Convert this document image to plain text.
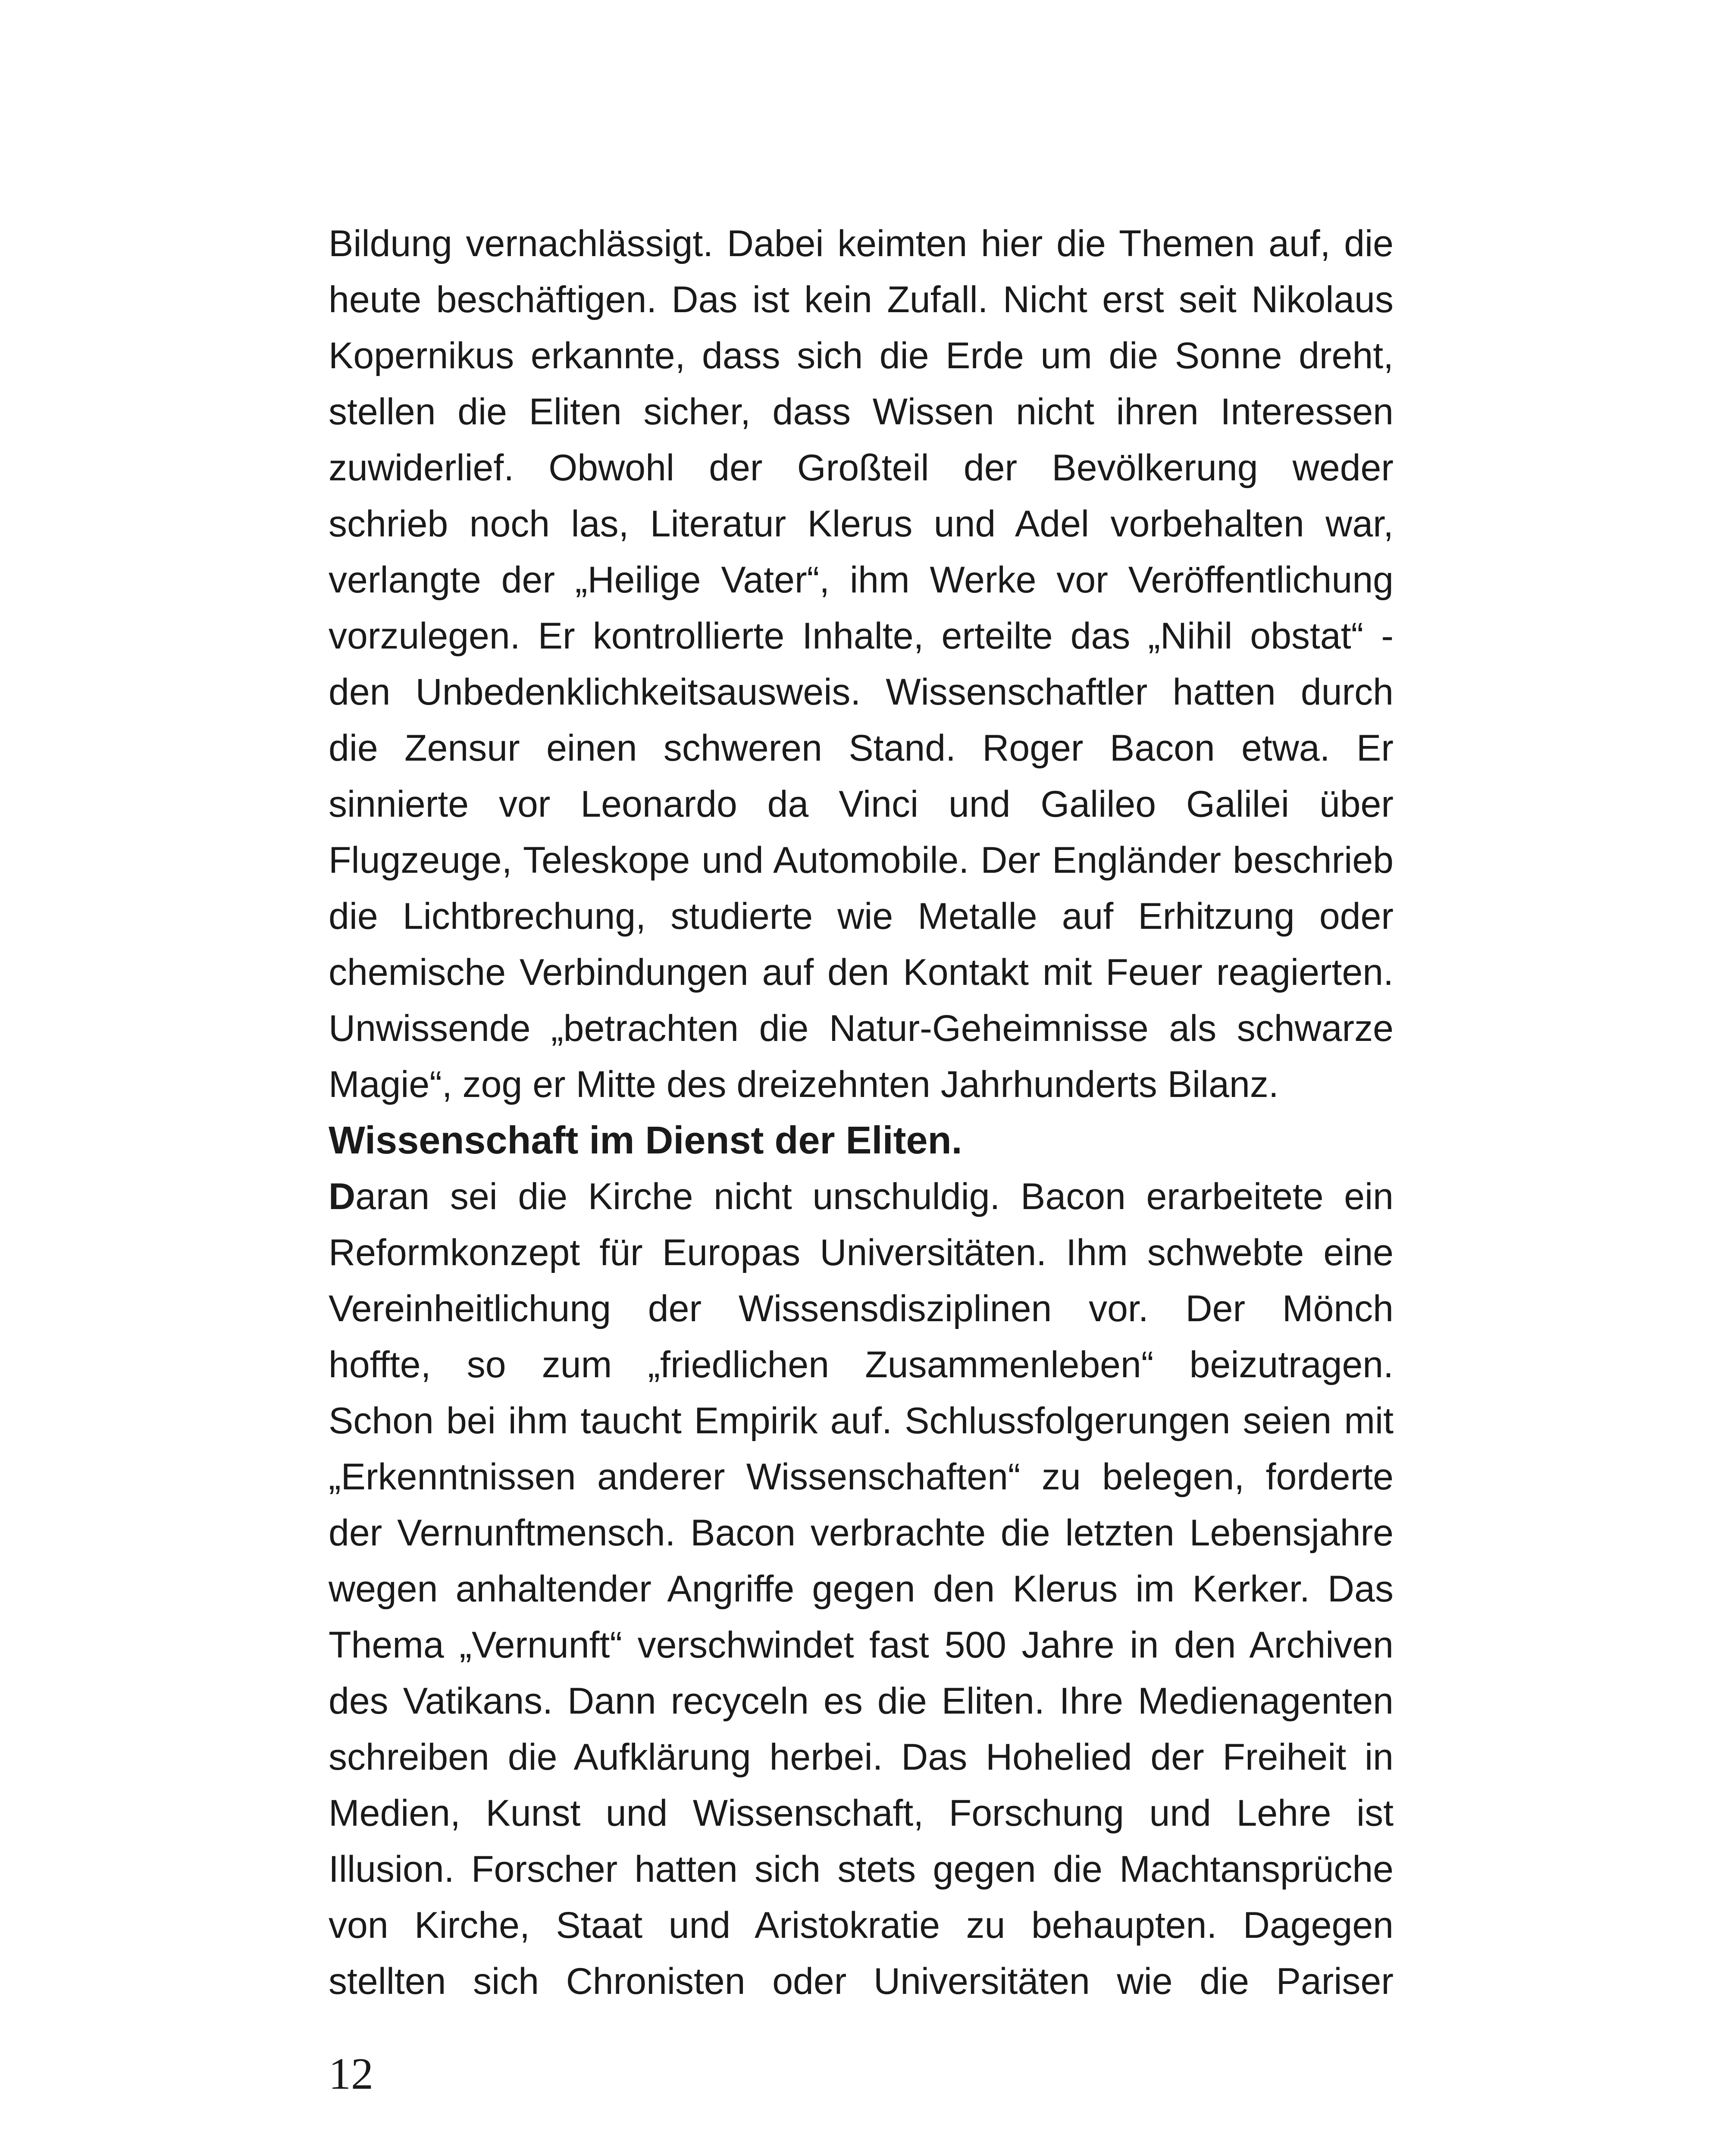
Bildung vernachlässigt. Dabei keimten hier die Themen auf, die
heute beschäftigen. Das ist kein Zufall. Nicht erst seit Nikolaus
Kopernikus erkannte, dass sich die Erde um die Sonne dreht,
stellen die Eliten sicher, dass Wissen nicht ihren Interessen
zuwiderlief. Obwohl der Großteil der Bevölkerung weder
schrieb noch las, Literatur Klerus und Adel vorbehalten war,
verlangte der „Heilige Vater“, ihm Werke vor Veröffentlichung
vorzulegen. Er kontrollierte Inhalte, erteilte das „Nihil obstat“ -
den Unbedenklichkeitsausweis. Wissenschaftler hatten durch
die Zensur einen schweren Stand. Roger Bacon etwa. Er
sinnierte vor Leonardo da Vinci und Galileo Galilei über
Flugzeuge, Teleskope und Automobile. Der Engländer beschrieb
die Lichtbrechung, studierte wie Metalle auf Erhitzung oder
chemische Verbindungen auf den Kontakt mit Feuer reagierten.
Unwissende „betrachten die Natur-Geheimnisse als schwarze
Magie“, zog er Mitte des dreizehnten Jahrhunderts Bilanz.
Wissenschaft im Dienst der Eliten.
Daran sei die Kirche nicht unschuldig. Bacon erarbeitete ein
Reformkonzept für Europas Universitäten. Ihm schwebte eine
Vereinheitlichung der Wissensdisziplinen vor. Der Mönch
hoffte, so zum „friedlichen Zusammenleben“ beizutragen.
Schon bei ihm taucht Empirik auf. Schlussfolgerungen seien mit
„Erkenntnissen anderer Wissenschaften“ zu belegen, forderte
der Vernunftmensch. Bacon verbrachte die letzten Lebensjahre
wegen anhaltender Angriffe gegen den Klerus im Kerker. Das
Thema „Vernunft“ verschwindet fast 500 Jahre in den Archiven
des Vatikans. Dann recyceln es die Eliten. Ihre Medienagenten
schreiben die Aufklärung herbei. Das Hohelied der Freiheit in
Medien, Kunst und Wissenschaft, Forschung und Lehre ist
Illusion. Forscher hatten sich stets gegen die Machtansprüche
von Kirche, Staat und Aristokratie zu behaupten. Dagegen
stellten sich Chronisten oder Universitäten wie die Pariser
12
